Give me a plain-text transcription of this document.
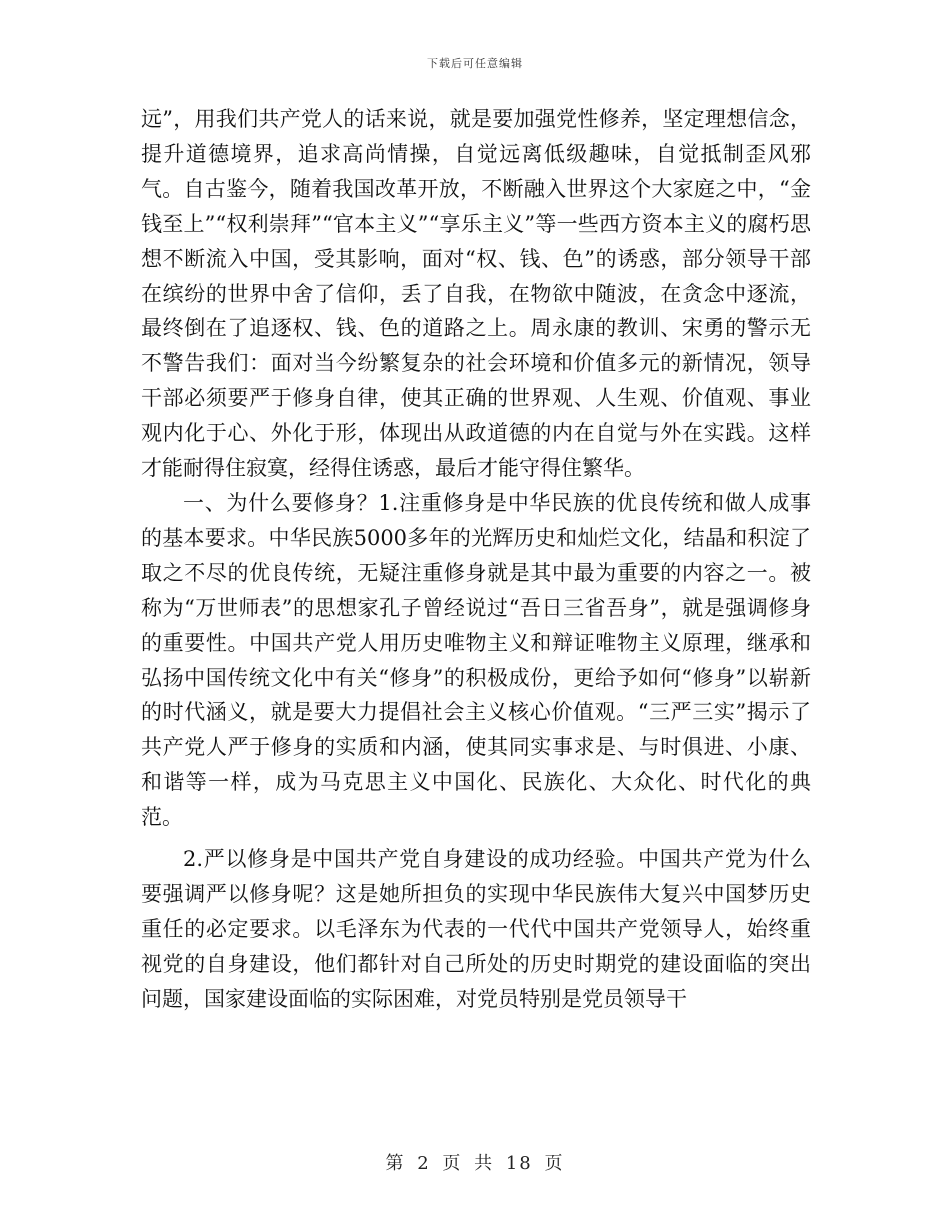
下载后可任意编辑

远”，用我们共产党人的话来说，就是要加强党性修养，坚定理想信念，提升道德境界，追求高尚情操，自觉远离低级趣味，自觉抵制歪风邪气。自古鉴今，随着我国改革开放，不断融入世界这个大家庭之中，“金钱至上”“权利崇拜”“官本主义”“享乐主义”等一些西方资本主义的腐朽思想不断流入中国，受其影响，面对“权、钱、色”的诱惑，部分领导干部在缤纷的世界中舍了信仰，丢了自我，在物欲中随波，在贪念中逐流，最终倒在了追逐权、钱、色的道路之上。周永康的教训、宋勇的警示无不警告我们：面对当今纷繁复杂的社会环境和价值多元的新情况，领导干部必须要严于修身自律，使其正确的世界观、人生观、价值观、事业观内化于心、外化于形，体现出从政道德的内在自觉与外在实践。这样才能耐得住寂寞，经得住诱惑，最后才能守得住繁华。

一、为什么要修身？1.注重修身是中华民族的优良传统和做人成事的基本要求。中华民族5000多年的光辉历史和灿烂文化，结晶和积淀了取之不尽的优良传统，无疑注重修身就是其中最为重要的内容之一。被称为“万世师表”的思想家孔子曾经说过“吾日三省吾身”，就是强调修身的重要性。中国共产党人用历史唯物主义和辩证唯物主义原理，继承和弘扬中国传统文化中有关“修身”的积极成份，更给予如何“修身”以崭新的时代涵义，就是要大力提倡社会主义核心价值观。“三严三实”揭示了共产党人严于修身的实质和内涵，使其同实事求是、与时俱进、小康、和谐等一样，成为马克思主义中国化、民族化、大众化、时代化的典范。

2.严以修身是中国共产党自身建设的成功经验。中国共产党为什么要强调严以修身呢？这是她所担负的实现中华民族伟大复兴中国梦历史重任的必定要求。以毛泽东为代表的一代代中国共产党领导人，始终重视党的自身建设，他们都针对自己所处的历史时期党的建设面临的突出问题，国家建设面临的实际困难，对党员特别是党员领导干

第 2 页 共 18 页
